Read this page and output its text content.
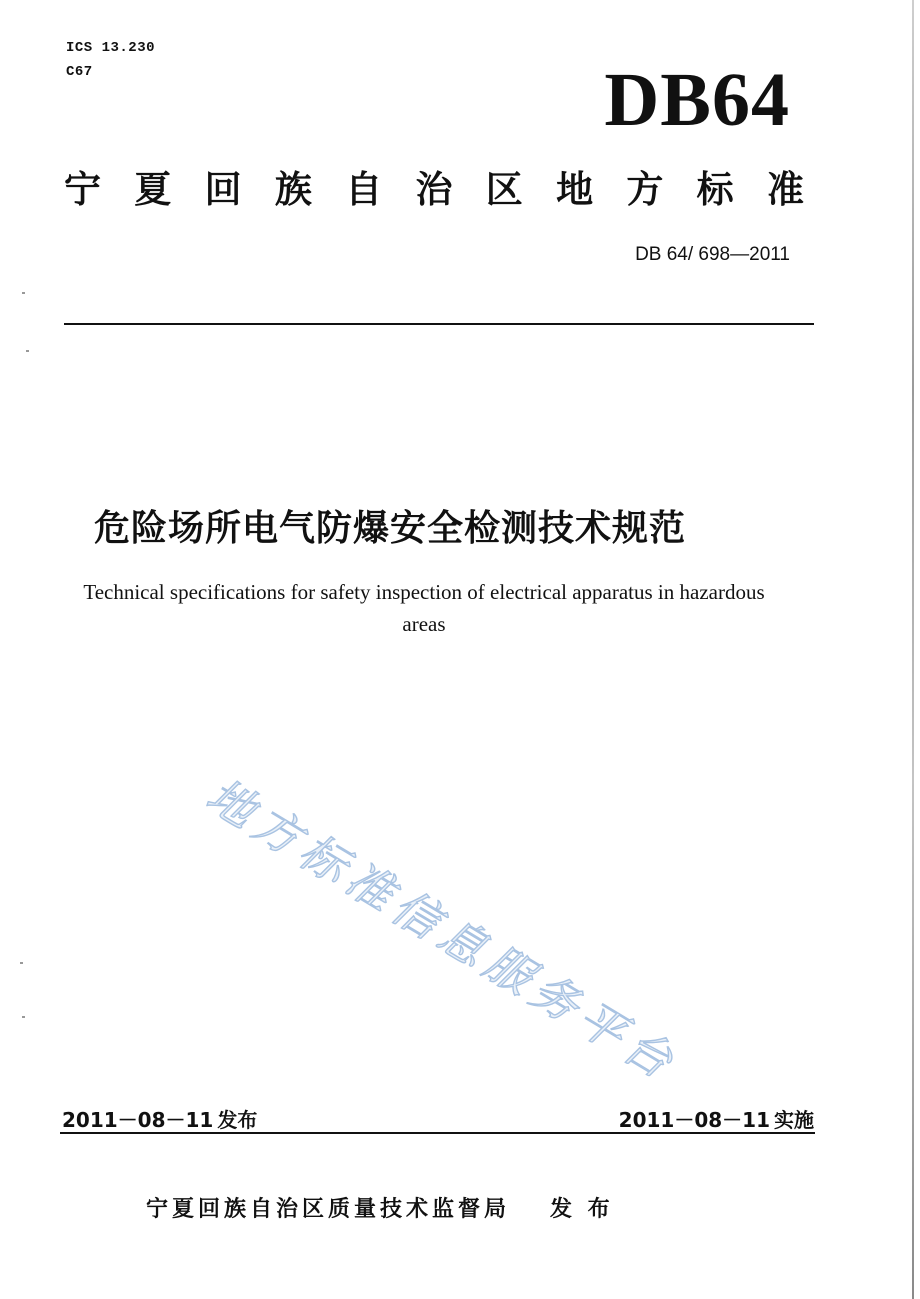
ICS 13.230
C67	DB64
宁 夏 回 族 自 治 区 地 方 标 准
DB 64/ 698—2011
危险场所电气防爆安全检测技术规范
Technical specifications for safety inspection of electrical apparatus in hazardous areas
地方标准信息服务平台
2011－08－11 发布	2011－08－11 实施
宁夏回族自治区质量技术监督局 发 布
